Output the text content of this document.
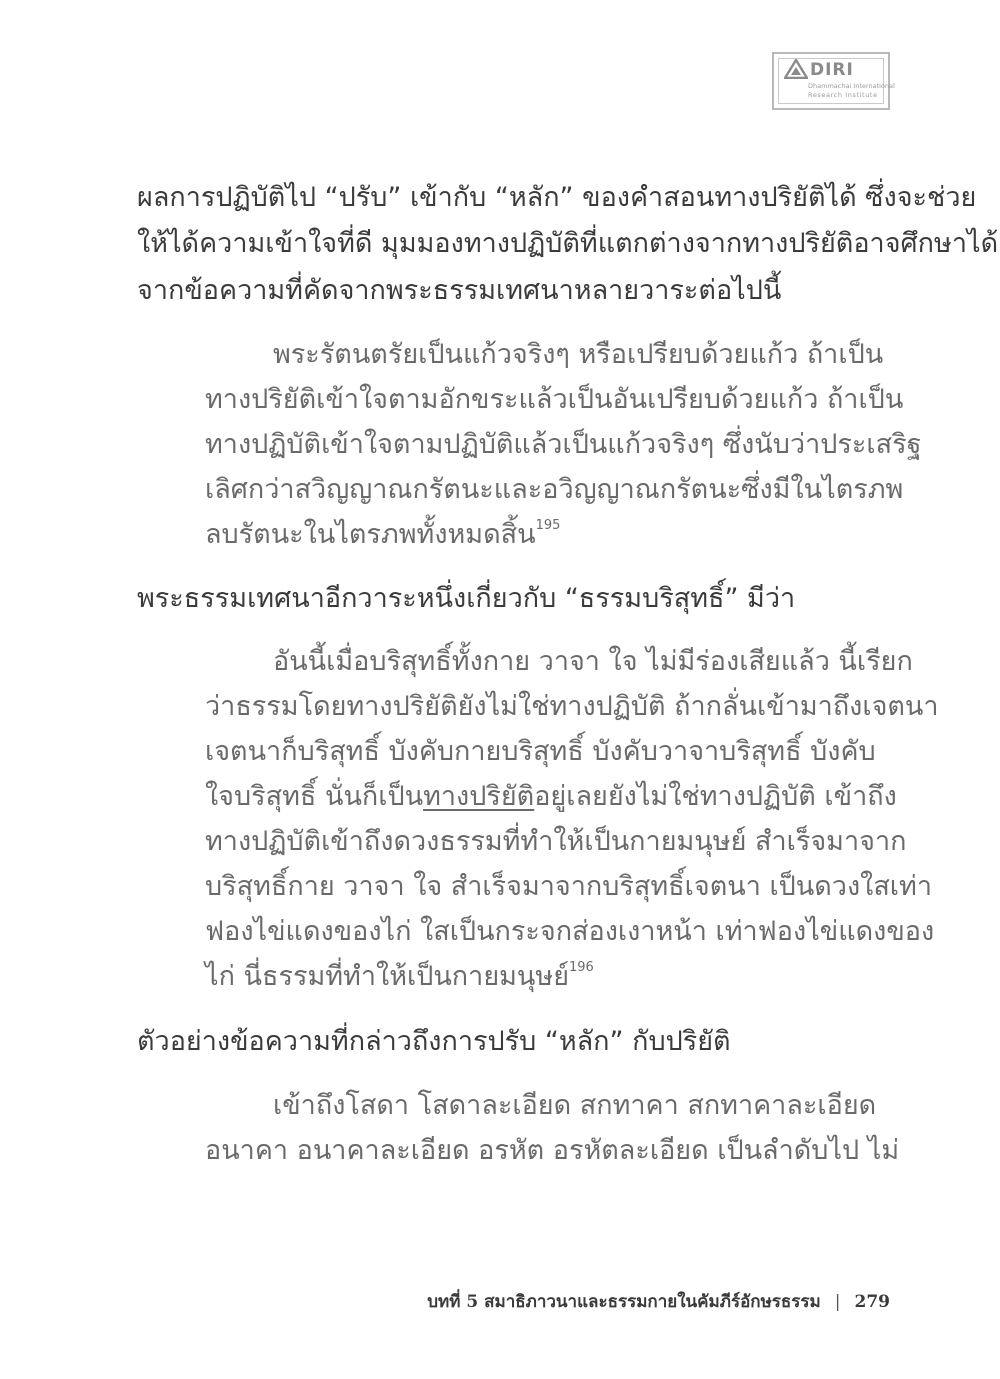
DIRI
Dhammachai International
Research Institute
ผลการปฏิบัติไป “ปรับ” เข้ากับ “หลัก” ของคำสอนทางปริยัติได้ ซึ่งจะช่วย
ให้ได้ความเข้าใจที่ดี มุมมองทางปฏิบัติที่แตกต่างจากทางปริยัติอาจศึกษาได้
จากข้อความที่คัดจากพระธรรมเทศนาหลายวาระต่อไปนี้
พระรัตนตรัยเป็นแก้วจริงๆ หรือเปรียบด้วยแก้ว ถ้าเป็น
ทางปริยัติเข้าใจตามอักขระแล้วเป็นอันเปรียบด้วยแก้ว ถ้าเป็น
ทางปฏิบัติเข้าใจตามปฏิบัติแล้วเป็นแก้วจริงๆ ซึ่งนับว่าประเสริฐ
เลิศกว่าสวิญญาณกรัตนะและอวิญญาณกรัตนะซึ่งมีในไตรภพ
ลบรัตนะในไตรภพทั้งหมดสิ้น$^{195}$
พระธรรมเทศนาอีกวาระหนึ่งเกี่ยวกับ “ธรรมบริสุทธิ์” มีว่า
อันนี้เมื่อบริสุทธิ์ทั้งกาย วาจา ใจ ไม่มีร่องเสียแล้ว นี้เรียก
ว่าธรรมโดยทางปริยัติยังไม่ใช่ทางปฏิบัติ ถ้ากลั่นเข้ามาถึงเจตนา
เจตนาก็บริสุทธิ์ บังคับกายบริสุทธิ์ บังคับวาจาบริสุทธิ์ บังคับ
ใจบริสุทธิ์ นั่นก็เป็นทางปริยัติอยู่เลยยังไม่ใช่ทางปฏิบัติ เข้าถึง
ทางปฏิบัติเข้าถึงดวงธรรมที่ทำให้เป็นกายมนุษย์ สำเร็จมาจาก
บริสุทธิ์กาย วาจา ใจ สำเร็จมาจากบริสุทธิ์เจตนา เป็นดวงใสเท่า
ฟองไข่แดงของไก่ ใสเป็นกระจกส่องเงาหน้า เท่าฟองไข่แดงของ
ไก่ นี่ธรรมที่ทำให้เป็นกายมนุษย์$^{196}$
ตัวอย่างข้อความที่กล่าวถึงการปรับ “หลัก” กับปริยัติ
เข้าถึงโสดา โสดาละเอียด สกทาคา สกทาคาละเอียด
อนาคา อนาคาละเอียด อรหัต อรหัตละเอียด เป็นลำดับไป ไม่
บทที่ 5 สมาธิภาวนาและธรรมกายในคัมภีร์อักษรธรรม | 279
